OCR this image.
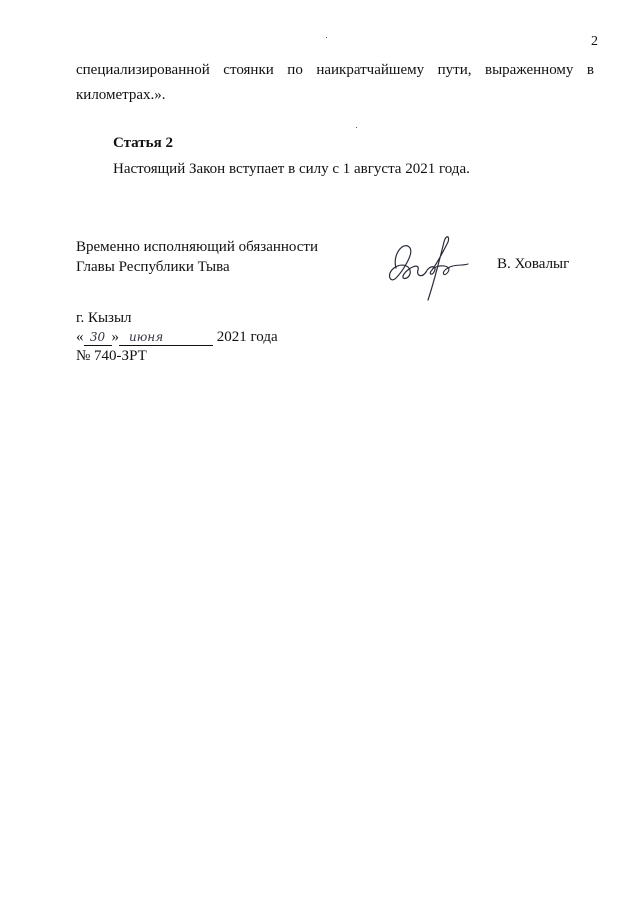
2
специализированной стоянки по наикратчайшему пути, выраженному в
километрах.».
Статья 2
Настоящий Закон вступает в силу с 1 августа 2021 года.
Временно исполняющий обязанности
Главы Республики Тыва	В. Ховалыг
г. Кызыл
« 30 » июня	2021 года
№ 740-ЗРТ
